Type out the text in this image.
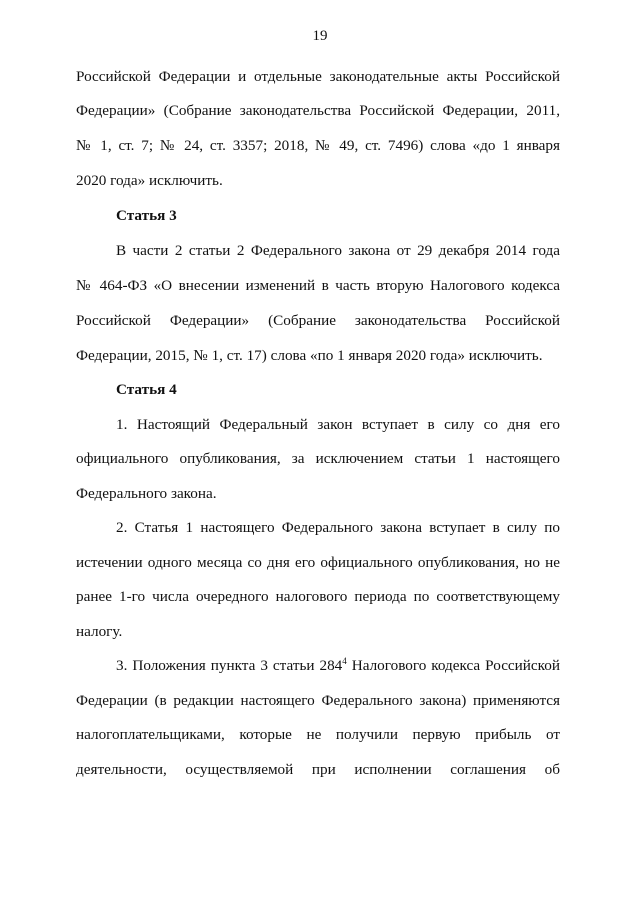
19
Российской Федерации и отдельные законодательные акты Российской
Федерации» (Собрание законодательства Российской Федерации, 2011,
№ 1, ст. 7; № 24, ст. 3357; 2018, № 49, ст. 7496) слова «до 1 января
2020 года» исключить.
Статья 3
В части 2 статьи 2 Федерального закона от 29 декабря 2014 года
№ 464-ФЗ «О внесении изменений в часть вторую Налогового кодекса
Российской Федерации» (Собрание законодательства Российской
Федерации, 2015, № 1, ст. 17) слова «по 1 января 2020 года» исключить.
Статья 4
1. Настоящий Федеральный закон вступает в силу со дня его
официального опубликования, за исключением статьи 1 настоящего
Федерального закона.
2. Статья 1 настоящего Федерального закона вступает в силу по
истечении одного месяца со дня его официального опубликования, но не
ранее 1-го числа очередного налогового периода по соответствующему
налогу.
3. Положения пункта 3 статьи $284^4$ Налогового кодекса Российской
Федерации (в редакции настоящего Федерального закона) применяются
налогоплательщиками, которые не получили первую прибыль от
деятельности, осуществляемой при исполнении соглашения об
